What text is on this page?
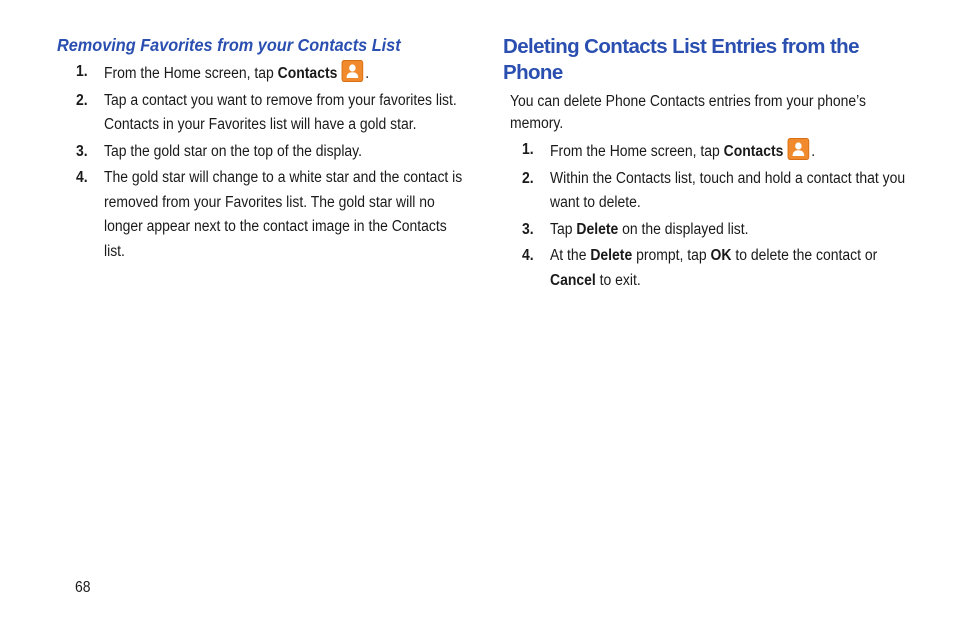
Removing Favorites from your Contacts List
1. From the Home screen, tap Contacts .
2. Tap a contact you want to remove from your favorites list. Contacts in your Favorites list will have a gold star.
3. Tap the gold star on the top of the display.
4. The gold star will change to a white star and the contact is removed from your Favorites list. The gold star will no longer appear next to the contact image in the Contacts list.
Deleting Contacts List Entries from the Phone

You can delete Phone Contacts entries from your phone’s memory.

1. From the Home screen, tap Contacts .
2. Within the Contacts list, touch and hold a contact that you want to delete.
3. Tap Delete on the displayed list.
4. At the Delete prompt, tap OK to delete the contact or Cancel to exit.

68
